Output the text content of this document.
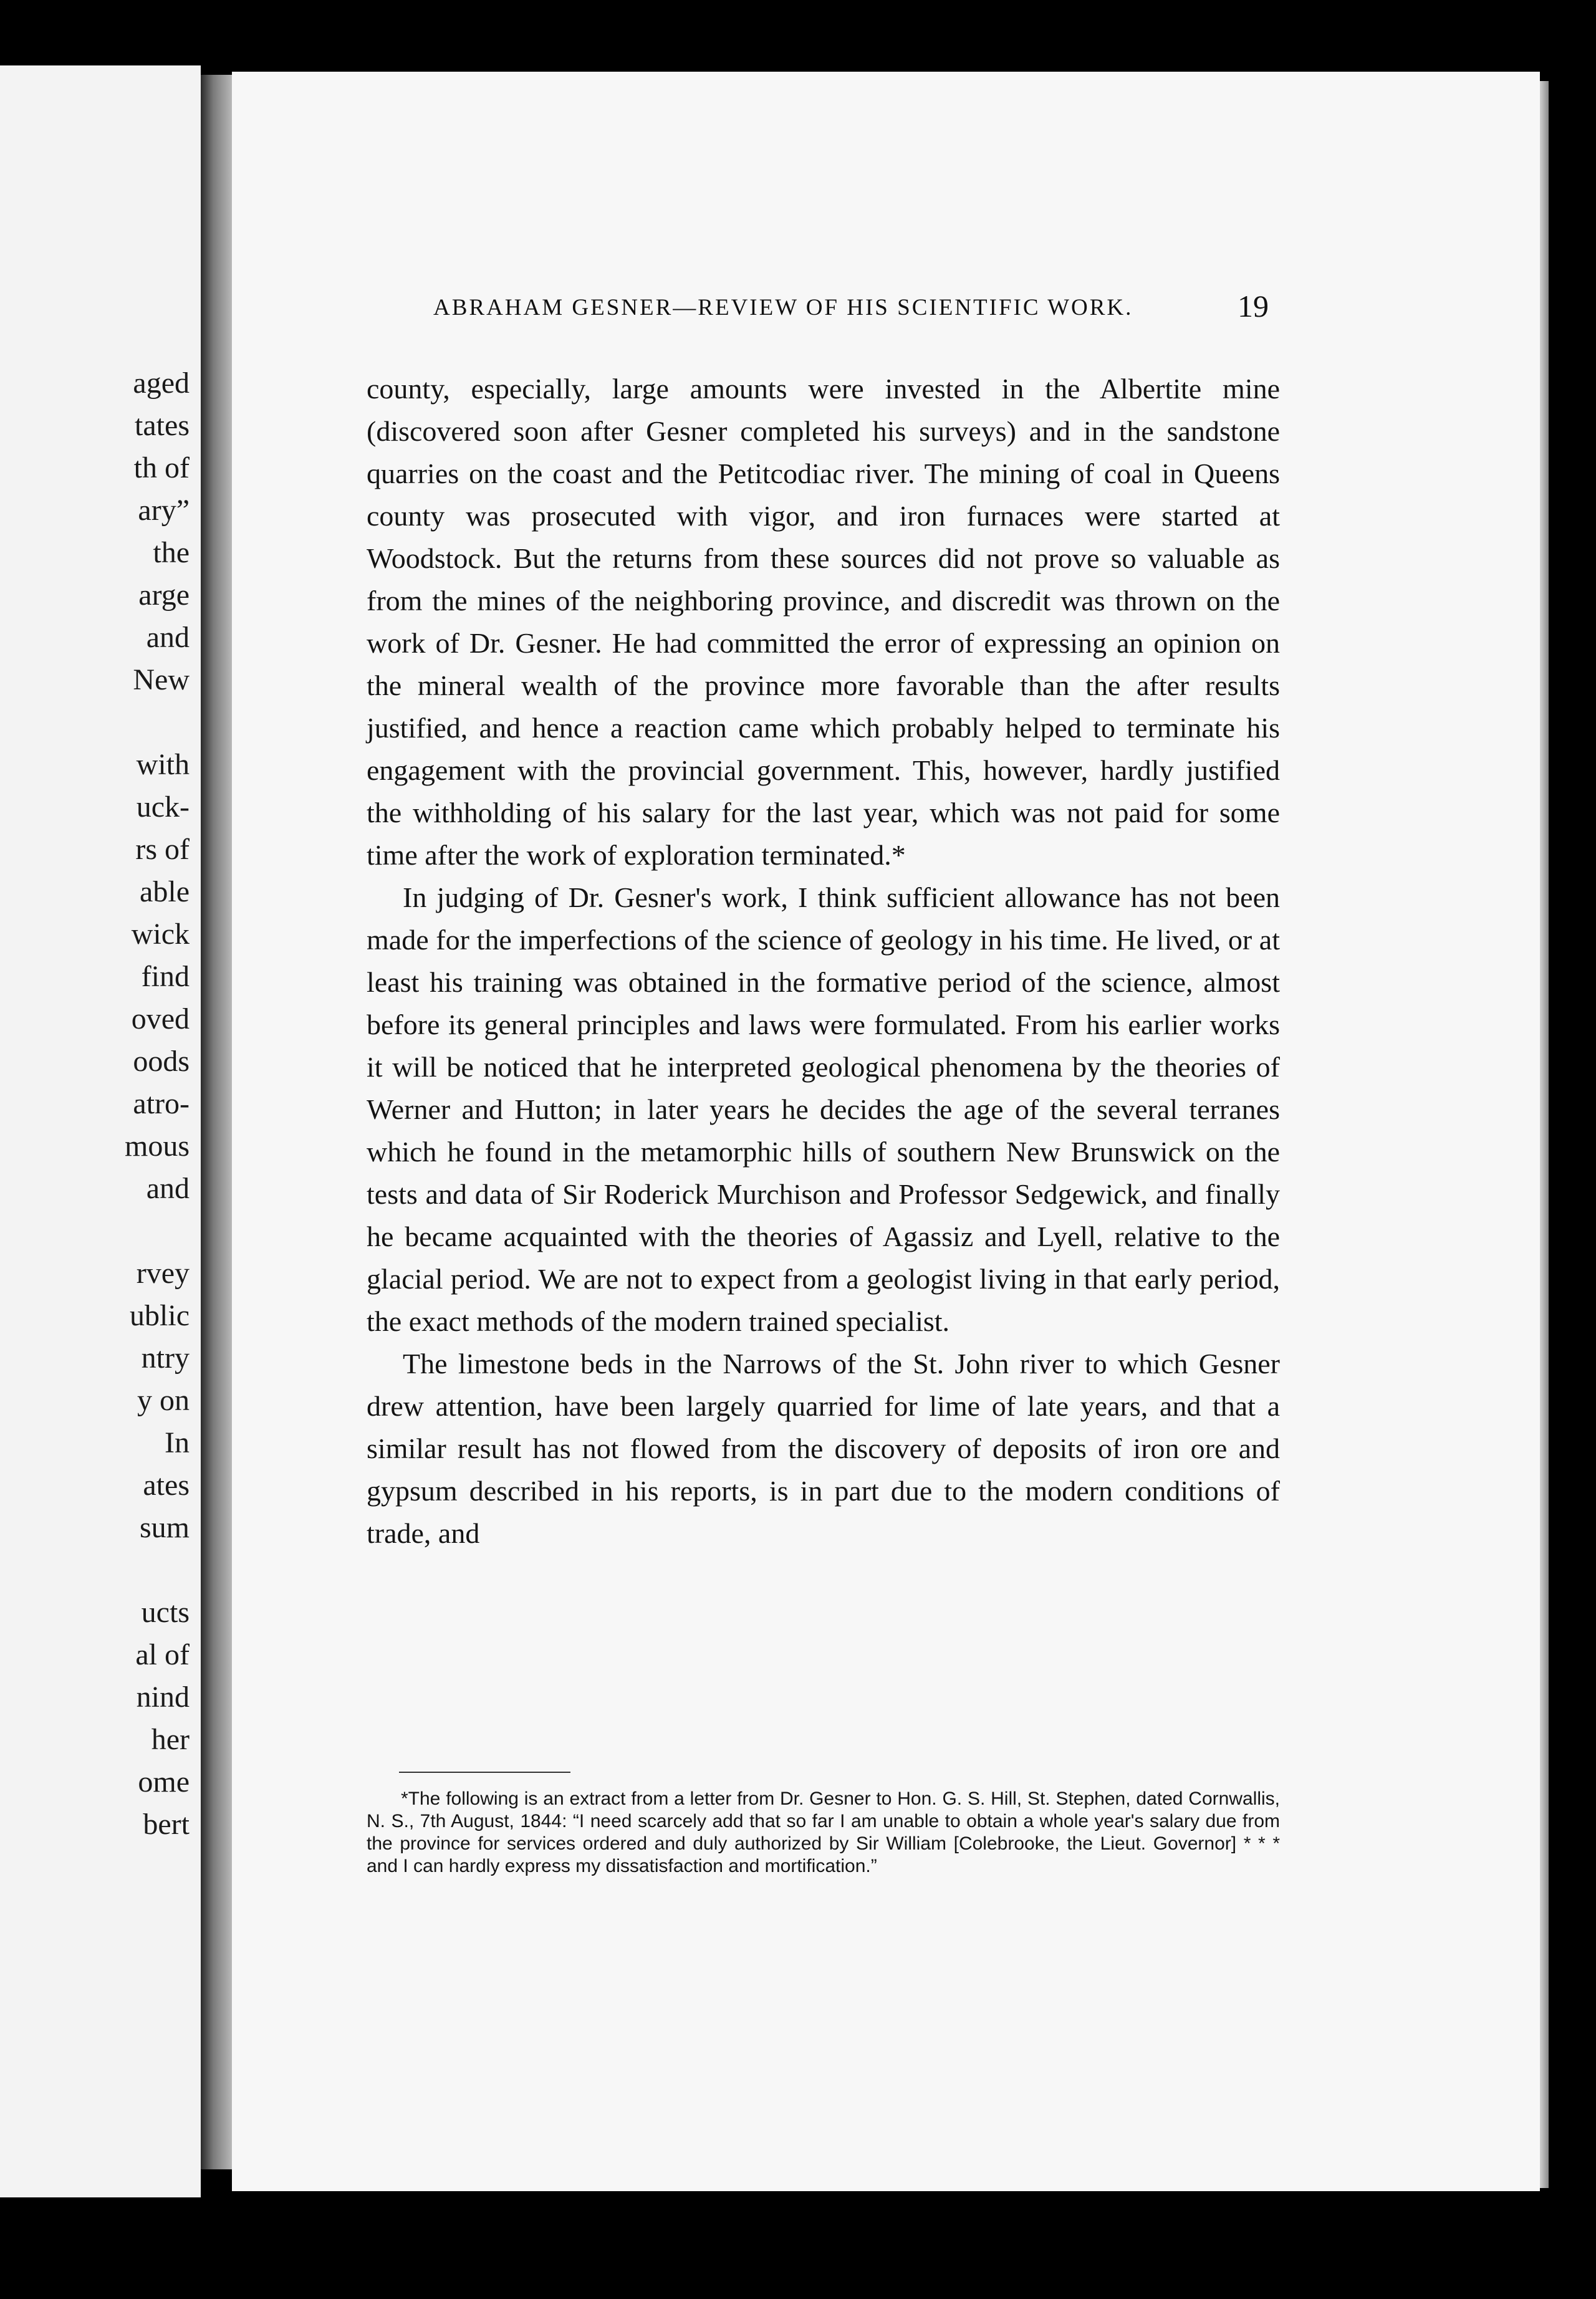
aged
tates
th of
ary”
the
arge
and
New
with
uck-
rs of
able
wick
find
oved
oods
atro-
mous
and
rvey
ublic
ntry
y on
In
ates
sum
ucts
al of
nind
her
ome
bert
ABRAHAM GESNER—REVIEW OF HIS SCIENTIFIC WORK.	19

county, especially, large amounts were invested in the Albertite mine (discovered soon after Gesner completed his surveys) and in the sandstone quarries on the coast and the Petitcodiac river. The mining of coal in Queens county was prosecuted with vigor, and iron furnaces were started at Woodstock. But the returns from these sources did not prove so valuable as from the mines of the neighboring province, and discredit was thrown on the work of Dr. Gesner. He had committed the error of expressing an opinion on the mineral wealth of the province more favorable than the after results justified, and hence a reaction came which probably helped to terminate his engagement with the provincial government. This, however, hardly justified the withholding of his salary for the last year, which was not paid for some time after the work of exploration terminated.*

In judging of Dr. Gesner's work, I think sufficient allowance has not been made for the imperfections of the science of geology in his time. He lived, or at least his training was obtained in the formative period of the science, almost before its general principles and laws were formulated. From his earlier works it will be noticed that he interpreted geological phenomena by the theories of Werner and Hutton; in later years he decides the age of the several terranes which he found in the metamorphic hills of southern New Brunswick on the tests and data of Sir Roderick Murchison and Professor Sedgewick, and finally he became acquainted with the theories of Agassiz and Lyell, relative to the glacial period. We are not to expect from a geologist living in that early period, the exact methods of the modern trained specialist.

The limestone beds in the Narrows of the St. John river to which Gesner drew attention, have been largely quarried for lime of late years, and that a similar result has not flowed from the discovery of deposits of iron ore and gypsum described in his reports, is in part due to the modern conditions of trade, and

*The following is an extract from a letter from Dr. Gesner to Hon. G. S. Hill, St. Stephen, dated Cornwallis, N. S., 7th August, 1844: “I need scarcely add that so far I am unable to obtain a whole year's salary due from the province for services ordered and duly authorized by Sir William [Colebrooke, the Lieut. Governor] * * * and I can hardly express my dissatisfaction and mortification.”
